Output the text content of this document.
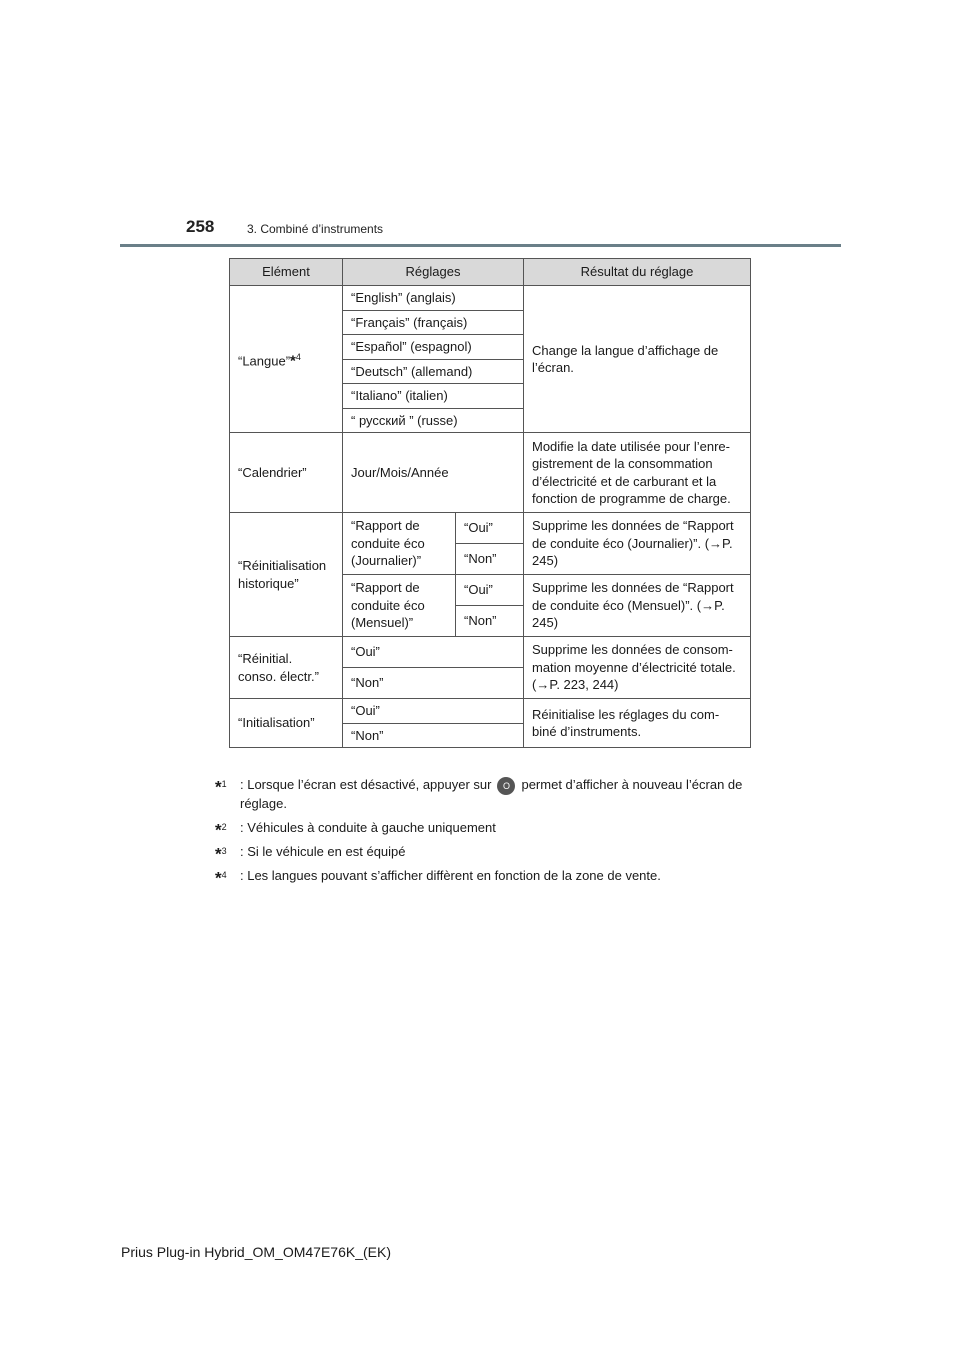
258	3. Combiné d’instruments
Elément	Réglages		Résultat du réglage
“Langue”*$^4$	“English” (anglais)		Change la langue d’affichage de l’écran.
	“Français” (français)		
	“Español” (espagnol)		
	“Deutsch” (allemand)		
	“Italiano” (italien)		
	“ русский ” (russe)		
“Calendrier”	Jour/Mois/Année		Modifie la date utilisée pour l’enre-gistrement de la consommation d’électricité et de carburant et la fonction de programme de charge.
“Réinitialisation historique”	“Rapport de conduite éco (Journalier)”	“Oui”	Supprime les données de “Rapport de conduite éco (Journalier)”. (→P. 245)
		“Non”	
	“Rapport de conduite éco (Mensuel)”	“Oui”	Supprime les données de “Rapport de conduite éco (Mensuel)”. (→P. 245)
		“Non”	
“Réinitial. conso. électr.”	“Oui”		Supprime les données de consom-mation moyenne d’électricité totale. (→P. 223, 244)
	“Non”		
“Initialisation”	“Oui”		Réinitialise les réglages du com-biné d’instruments.
	“Non”		
*$^1$ : Lorsque l’écran est désactivé, appuyer sur O permet d’afficher à nouveau l’écran de réglage.
*$^2$ : Véhicules à conduite à gauche uniquement
*$^3$ : Si le véhicule en est équipé
*$^4$ : Les langues pouvant s’afficher diffèrent en fonction de la zone de vente.
Prius Plug-in Hybrid_OM_OM47E76K_(EK)
